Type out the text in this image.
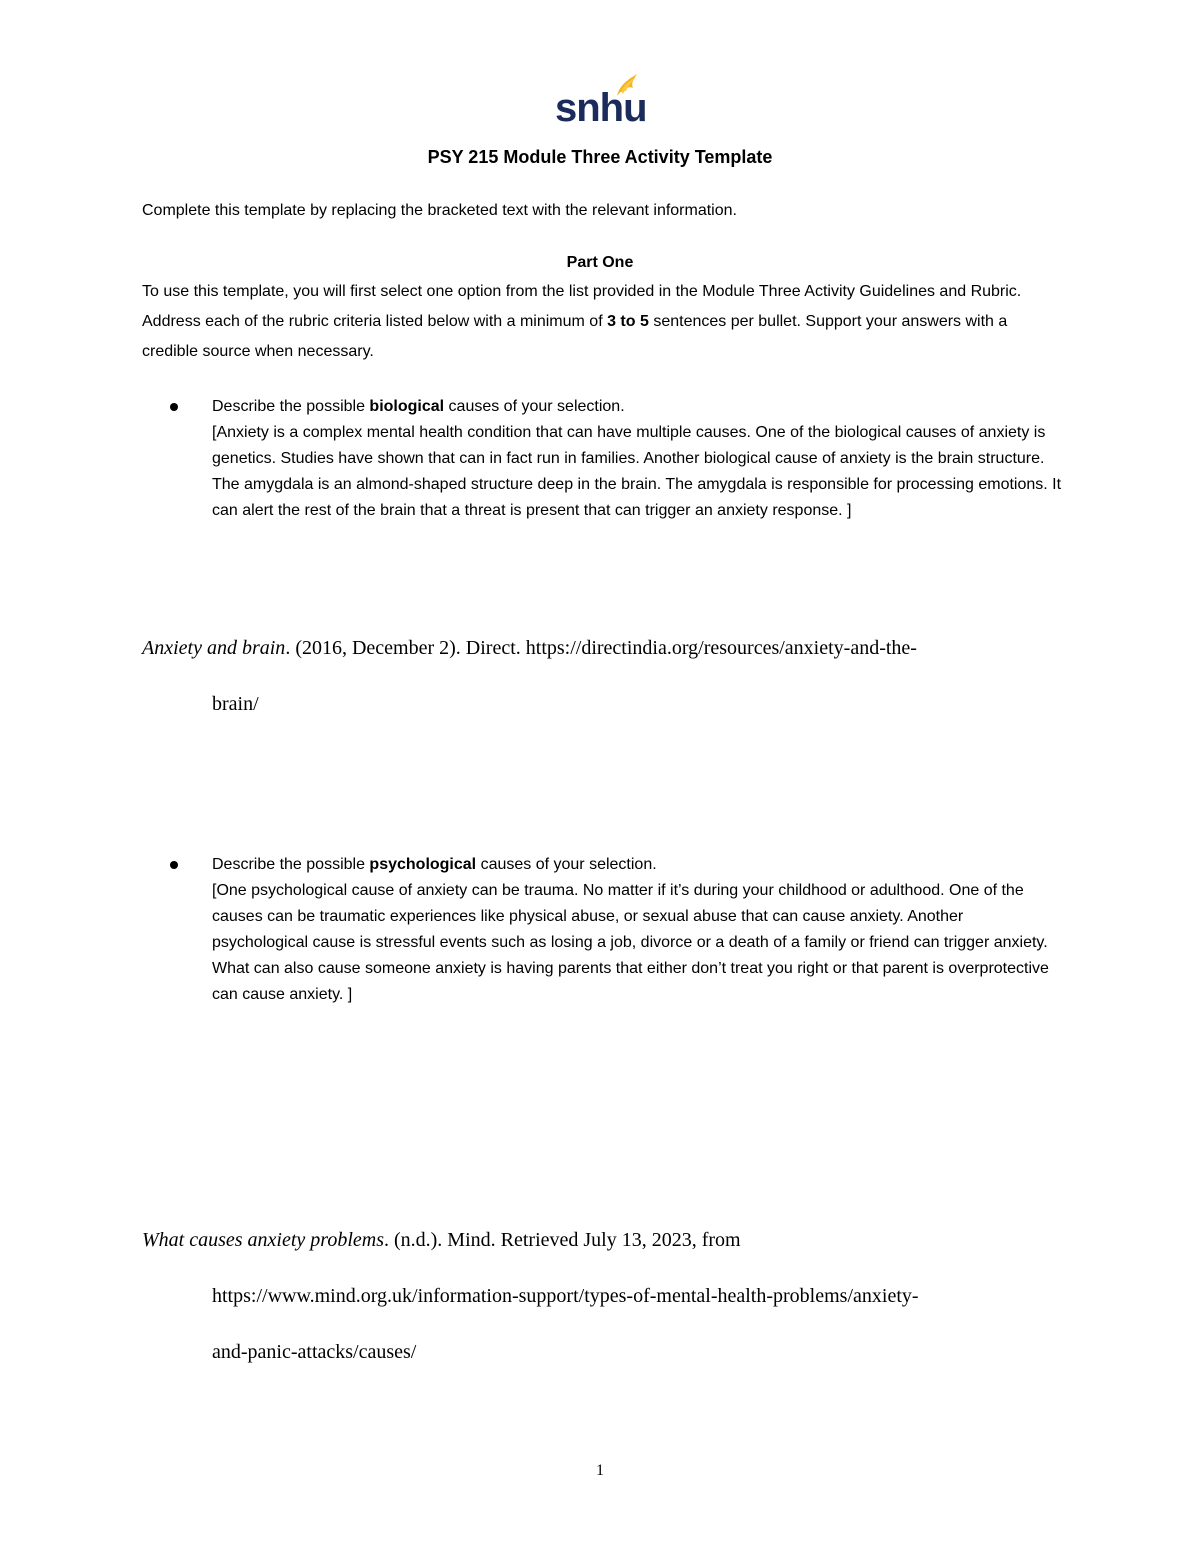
snhu
PSY 215 Module Three Activity Template

Complete this template by replacing the bracketed text with the relevant information.

Part One

To use this template, you will first select one option from the list provided in the Module Three Activity Guidelines and Rubric. Address each of the rubric criteria listed below with a minimum of 3 to 5 sentences per bullet. Support your answers with a credible source when necessary.

Describe the possible biological causes of your selection.

[Anxiety is a complex mental health condition that can have multiple causes. One of the biological causes of anxiety is genetics. Studies have shown that can in fact run in families. Another biological cause of anxiety is the brain structure. The amygdala is an almond-shaped structure deep in the brain. The amygdala is responsible for processing emotions. It can alert the rest of the brain that a threat is present that can trigger an anxiety response. ]

Anxiety and brain. (2016, December 2). Direct. https://directindia.org/resources/anxiety-and-the-
brain/
Describe the possible psychological causes of your selection.

[One psychological cause of anxiety can be trauma. No matter if it’s during your childhood or adulthood. One of the causes can be traumatic experiences like physical abuse, or sexual abuse that can cause anxiety. Another psychological cause is stressful events such as losing a job, divorce or a death of a family or friend can trigger anxiety. What can also cause someone anxiety is having parents that either don’t treat you right or that parent is overprotective can cause anxiety. ]

What causes anxiety problems. (n.d.). Mind. Retrieved July 13, 2023, from
https://www.mind.org.uk/information-support/types-of-mental-health-problems/anxiety-
and-panic-attacks/causes/
1
